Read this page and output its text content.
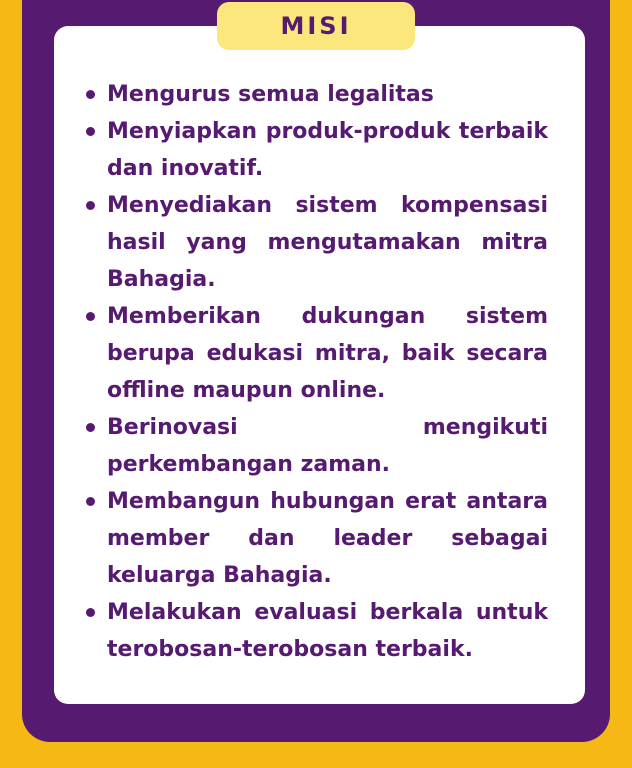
MISI
Mengurus semua legalitas
Menyiapkan produk-produk terbaik dan inovatif.
Menyediakan sistem kompensasi hasil yang mengutamakan mitra Bahagia.
Memberikan dukungan sistem berupa edukasi mitra, baik secara offline maupun online.
Berinovasi mengikuti perkembangan zaman.
Membangun hubungan erat antara member dan leader sebagai keluarga Bahagia.
Melakukan evaluasi berkala untuk terobosan-terobosan terbaik.
